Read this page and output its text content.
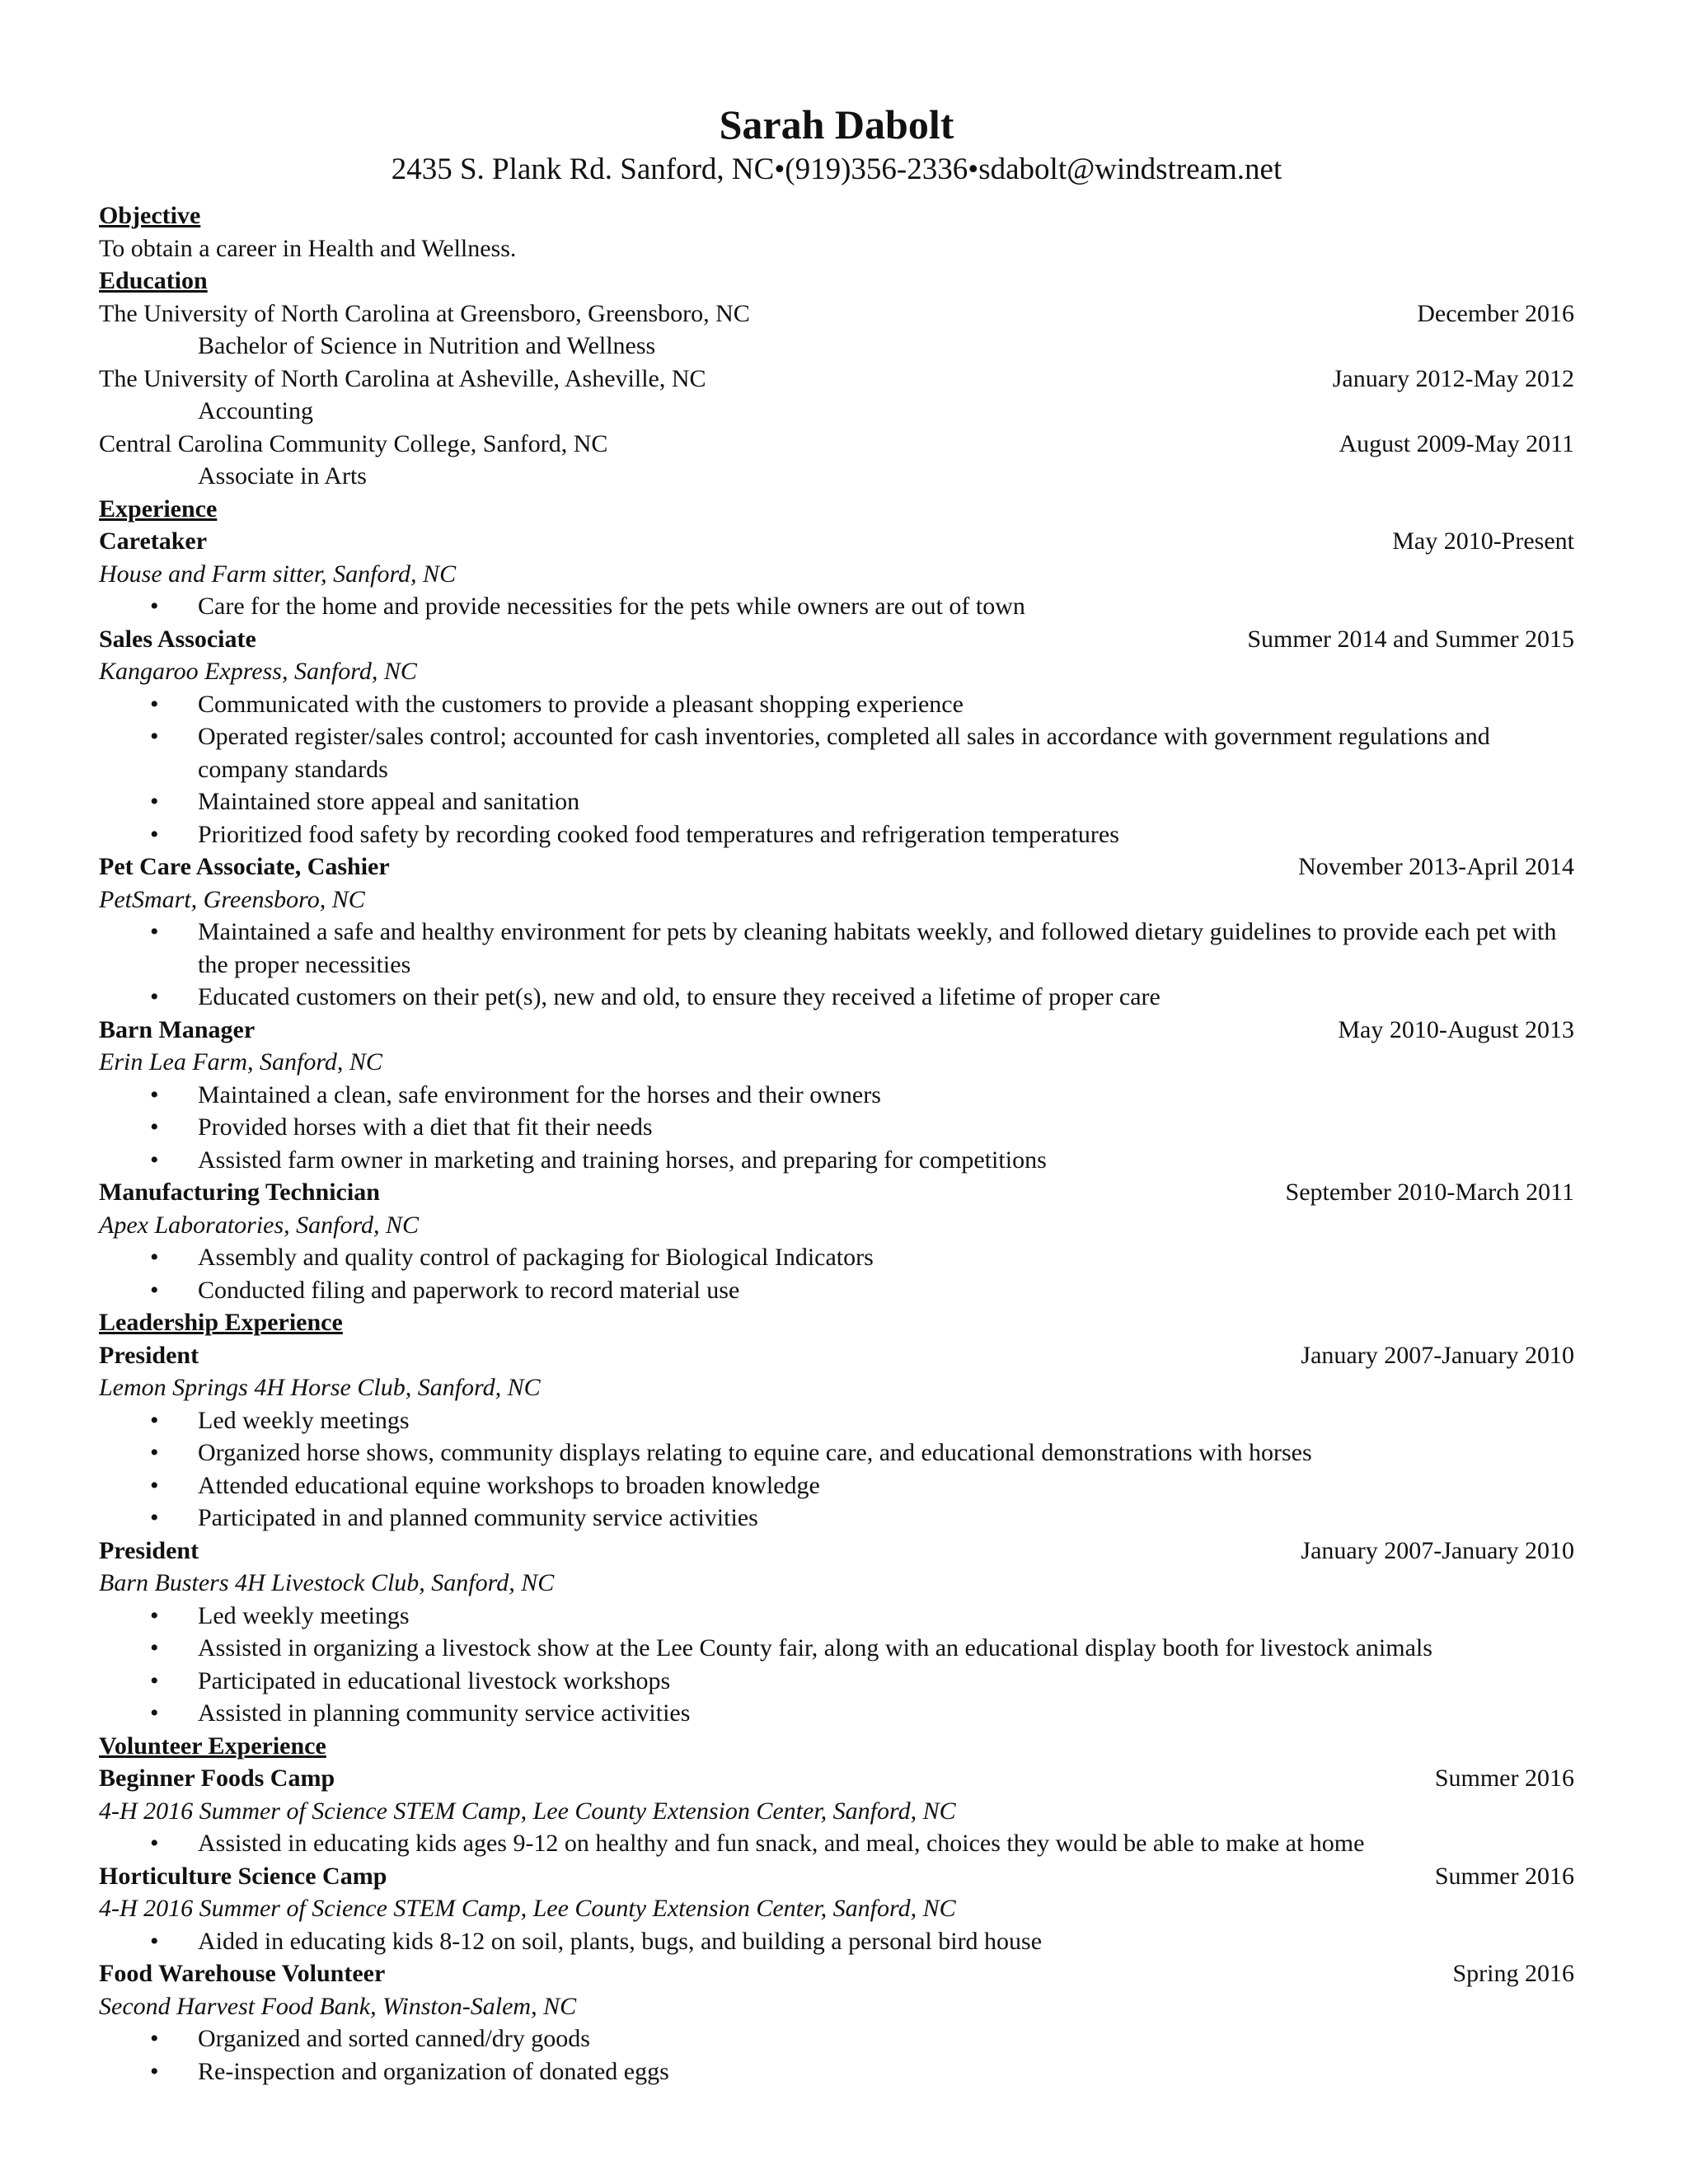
Sarah Dabolt
2435 S. Plank Rd. Sanford, NC•(919)356-2336•sdabolt@windstream.net
Objective
To obtain a career in Health and Wellness.
Education
The University of North Carolina at Greensboro, Greensboro, NC	December 2016
Bachelor of Science in Nutrition and Wellness
The University of North Carolina at Asheville, Asheville, NC	January 2012-May 2012
Accounting
Central Carolina Community College, Sanford, NC	August 2009-May 2011
Associate in Arts
Experience
Caretaker	May 2010-Present
House and Farm sitter, Sanford, NC
• Care for the home and provide necessities for the pets while owners are out of town
Sales Associate	Summer 2014 and Summer 2015
Kangaroo Express, Sanford, NC
• Communicated with the customers to provide a pleasant shopping experience
• Operated register/sales control; accounted for cash inventories, completed all sales in accordance with government regulations and company standards
• Maintained store appeal and sanitation
• Prioritized food safety by recording cooked food temperatures and refrigeration temperatures
Pet Care Associate, Cashier	November 2013-April 2014
PetSmart, Greensboro, NC
• Maintained a safe and healthy environment for pets by cleaning habitats weekly, and followed dietary guidelines to provide each pet with the proper necessities
• Educated customers on their pet(s), new and old, to ensure they received a lifetime of proper care
Barn Manager	May 2010-August 2013
Erin Lea Farm, Sanford, NC
• Maintained a clean, safe environment for the horses and their owners
• Provided horses with a diet that fit their needs
• Assisted farm owner in marketing and training horses, and preparing for competitions
Manufacturing Technician	September 2010-March 2011
Apex Laboratories, Sanford, NC
• Assembly and quality control of packaging for Biological Indicators
• Conducted filing and paperwork to record material use
Leadership Experience
President	January 2007-January 2010
Lemon Springs 4H Horse Club, Sanford, NC
• Led weekly meetings
• Organized horse shows, community displays relating to equine care, and educational demonstrations with horses
• Attended educational equine workshops to broaden knowledge
• Participated in and planned community service activities
President	January 2007-January 2010
Barn Busters 4H Livestock Club, Sanford, NC
• Led weekly meetings
• Assisted in organizing a livestock show at the Lee County fair, along with an educational display booth for livestock animals
• Participated in educational livestock workshops
• Assisted in planning community service activities
Volunteer Experience
Beginner Foods Camp	Summer 2016
4-H 2016 Summer of Science STEM Camp, Lee County Extension Center, Sanford, NC
• Assisted in educating kids ages 9-12 on healthy and fun snack, and meal, choices they would be able to make at home
Horticulture Science Camp	Summer 2016
4-H 2016 Summer of Science STEM Camp, Lee County Extension Center, Sanford, NC
• Aided in educating kids 8-12 on soil, plants, bugs, and building a personal bird house
Food Warehouse Volunteer	Spring 2016
Second Harvest Food Bank, Winston-Salem, NC
• Organized and sorted canned/dry goods
• Re-inspection and organization of donated eggs
